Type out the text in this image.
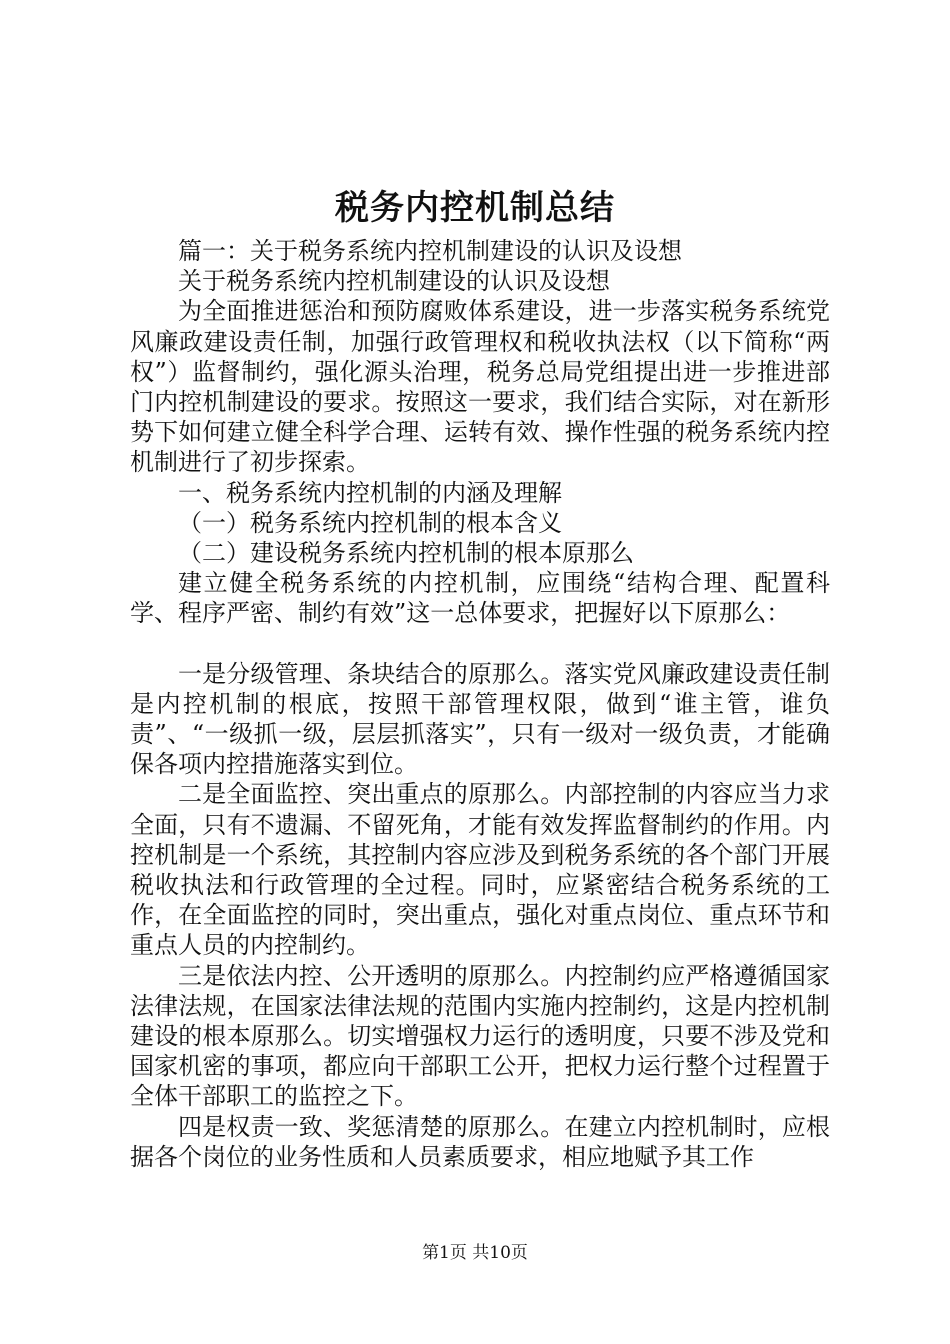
税务内控机制总结

篇一：关于税务系统内控机制建设的认识及设想

关于税务系统内控机制建设的认识及设想

为全面推进惩治和预防腐败体系建设，进一步落实税务系统党风廉政建设责任制，加强行政管理权和税收执法权（以下简称“两权”）监督制约，强化源头治理，税务总局党组提出进一步推进部门内控机制建设的要求。按照这一要求，我们结合实际，对在新形势下如何建立健全科学合理、运转有效、操作性强的税务系统内控机制进行了初步探索。

一、税务系统内控机制的内涵及理解

（一）税务系统内控机制的根本含义

（二）建设税务系统内控机制的根本原那么

建立健全税务系统的内控机制，应围绕“结构合理、配置科学、程序严密、制约有效”这一总体要求，把握好以下原那么：

一是分级管理、条块结合的原那么。落实党风廉政建设责任制是内控机制的根底，按照干部管理权限，做到“谁主管，谁负责”、“一级抓一级，层层抓落实”，只有一级对一级负责，才能确保各项内控措施落实到位。

二是全面监控、突出重点的原那么。内部控制的内容应当力求全面，只有不遗漏、不留死角，才能有效发挥监督制约的作用。内控机制是一个系统，其控制内容应涉及到税务系统的各个部门开展税收执法和行政管理的全过程。同时，应紧密结合税务系统的工作，在全面监控的同时，突出重点，强化对重点岗位、重点环节和重点人员的内控制约。

三是依法内控、公开透明的原那么。内控制约应严格遵循国家法律法规，在国家法律法规的范围内实施内控制约，这是内控机制建设的根本原那么。切实增强权力运行的透明度，只要不涉及党和国家机密的事项，都应向干部职工公开，把权力运行整个过程置于全体干部职工的监控之下。

四是权责一致、奖惩清楚的原那么。在建立内控机制时，应根据各个岗位的业务性质和人员素质要求，相应地赋予其工作

第1页 共10页
